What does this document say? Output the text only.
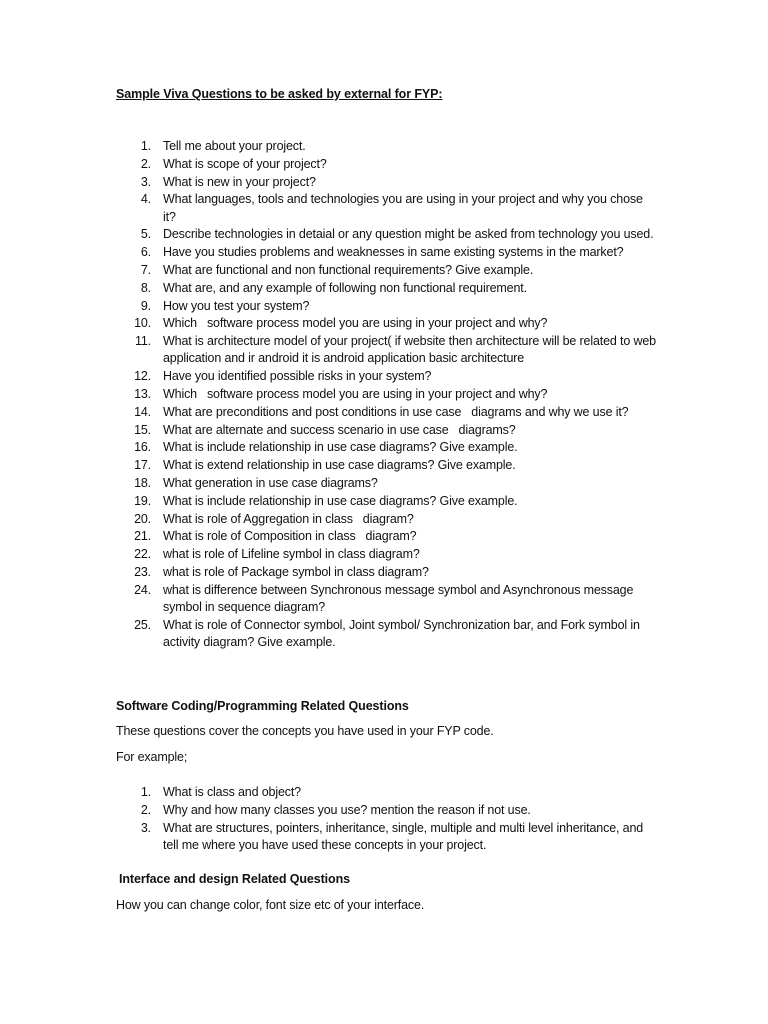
Sample Viva Questions to be asked by external for FYP:
1. Tell me about your project.
2. What is scope of your project?
3. What is new in your project?
4. What languages, tools and technologies you are using in your project and why you chose it?
5. Describe technologies in detaial or any question might be asked from technology you used.
6. Have you studies problems and weaknesses in same existing systems in the market?
7. What are functional and non functional requirements? Give example.
8. What are, and any example of following non functional requirement.
9. How you test your system?
10. Which   software process model you are using in your project and why?
11. What is architecture model of your project( if website then architecture will be related to web application and ir android it is android application basic architecture
12. Have you identified possible risks in your system?
13. Which   software process model you are using in your project and why?
14. What are preconditions and post conditions in use case   diagrams and why we use it?
15. What are alternate and success scenario in use case   diagrams?
16. What is include relationship in use case diagrams? Give example.
17. What is extend relationship in use case diagrams? Give example.
18. What generation in use case diagrams?
19. What is include relationship in use case diagrams? Give example.
20. What is role of Aggregation in class   diagram?
21. What is role of Composition in class   diagram?
22. what is role of Lifeline symbol in class diagram?
23. what is role of Package symbol in class diagram?
24. what is difference between Synchronous message symbol and Asynchronous message symbol in sequence diagram?
25. What is role of Connector symbol, Joint symbol/ Synchronization bar, and Fork symbol in activity diagram? Give example.
Software Coding/Programming Related Questions
These questions cover the concepts you have used in your FYP code.
For example;
1. What is class and object?
2. Why and how many classes you use? mention the reason if not use.
3. What are structures, pointers, inheritance, single, multiple and multi level inheritance, and tell me where you have used these concepts in your project.
Interface and design Related Questions
How you can change color, font size etc of your interface.
